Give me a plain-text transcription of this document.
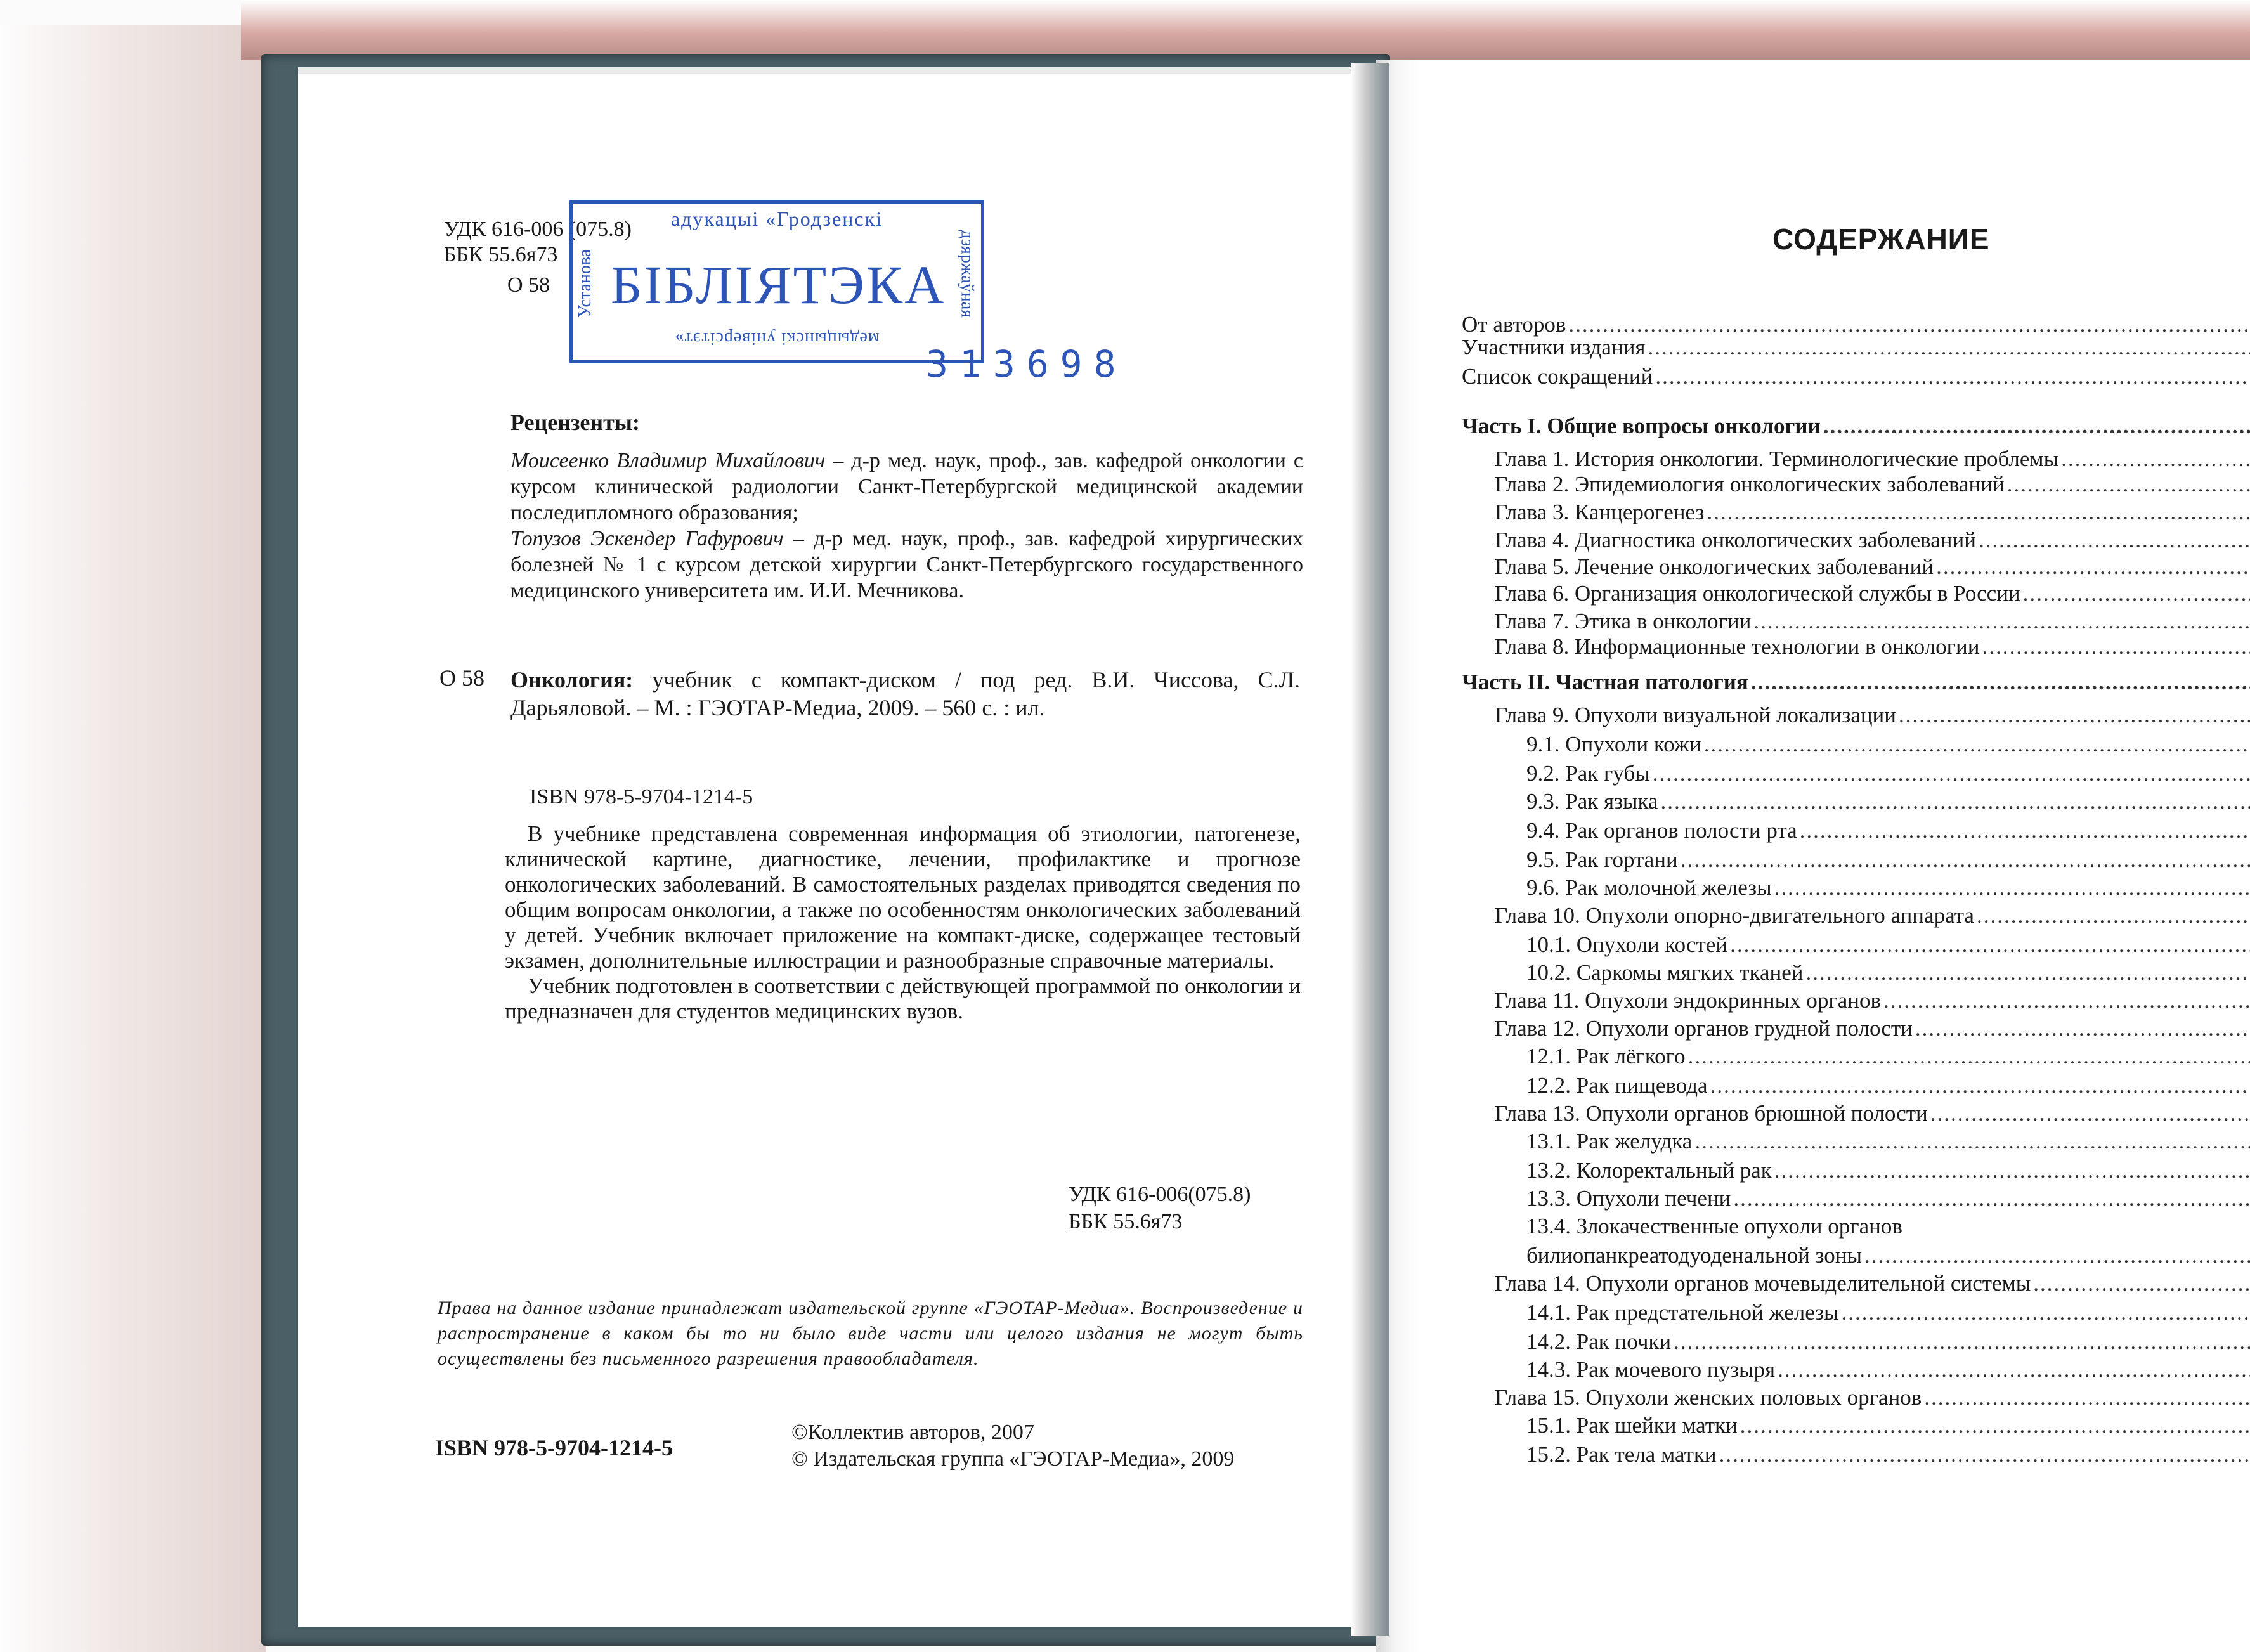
УДК 616-006 (075.8)
ББК 55.6я73
О 58
адукацыі «Гродзенскі
БІБЛІЯТЭКА
медыцынскі універсітэт»
Установа	дзяржаўная
313698
Рецензенты:

Моисеенко Владимир Михайлович – д-р мед. наук, проф., зав. кафедрой онкологии с курсом клинической радиологии Санкт-Петербургской медицинской академии последипломного образования;

Топузов Эскендер Гафурович – д-р мед. наук, проф., зав. кафедрой хирургических болезней № 1 с курсом детской хирургии Санкт-Петербургского государственного медицинского университета им. И.И. Мечникова.

О 58 Онкология: учебник с компакт-диском / под ред. В.И. Чиссова, С.Л. Дарьяловой. – М. : ГЭОТАР-Медиа, 2009. – 560 с. : ил.
ISBN 978-5-9704-1214-5

В учебнике представлена современная информация об этиологии, патогенезе, клинической картине, диагностике, лечении, профилактике и прогнозе онкологических заболеваний. В самостоятельных разделах приводятся сведения по общим вопросам онкологии, а также по особенностям онкологических заболеваний у детей. Учебник включает приложение на компакт-диске, содержащее тестовый экзамен, дополнительные иллюстрации и разнообразные справочные материалы.

Учебник подготовлен в соответствии с действующей программой по онкологии и предназначен для студентов медицинских вузов.

УДК 616-006(075.8)
ББК 55.6я73
Права на данное издание принадлежат издательской группе «ГЭОТАР-Медиа». Воспроизведение и распространение в каком бы то ни было виде части или целого издания не могут быть осуществлены без письменного разрешения правообладателя.
ISBN 978-5-9704-1214-5
©Коллектив авторов, 2007
© Издательская группа «ГЭОТАР-Медиа», 2009
СОДЕРЖАНИЕ
От авторов
.....
Участники издания
.....
Список сокращений
.....
Часть I. Общие вопросы онкологии
.....
Глава 1. История онкологии. Терминологические проблемы
.....
Глава 2. Эпидемиология онкологических заболеваний
.....
Глава 3. Канцерогенез
.....
Глава 4. Диагностика онкологических заболеваний
.....
Глава 5. Лечение онкологических заболеваний
.....
Глава 6. Организация онкологической службы в России
.....
Глава 7. Этика в онкологии
.....
Глава 8. Информационные технологии в онкологии
.....
Часть II. Частная патология
.....
Глава 9. Опухоли визуальной локализации
.....
9.1. Опухоли кожи
.....
9.2. Рак губы
.....
9.3. Рак языка
.....
9.4. Рак органов полости рта
.....
9.5. Рак гортани
.....
9.6. Рак молочной железы
.....
Глава 10. Опухоли опорно-двигательного аппарата
.....
10.1. Опухоли костей
.....
10.2. Саркомы мягких тканей
.....
Глава 11. Опухоли эндокринных органов
.....
Глава 12. Опухоли органов грудной полости
.....
12.1. Рак лёгкого
.....
12.2. Рак пищевода
.....
Глава 13. Опухоли органов брюшной полости
.....
13.1. Рак желудка
.....
13.2. Колоректальный рак
.....
13.3. Опухоли печени
.....
13.4. Злокачественные опухоли органов
билиопанкреатодуоденальной зоны
.....
Глава 14. Опухоли органов мочевыделительной системы
.....
14.1. Рак предстательной железы
.....
14.2. Рак почки
.....
14.3. Рак мочевого пузыря
.....
Глава 15. Опухоли женских половых органов
.....
15.1. Рак шейки матки
.....
15.2. Рак тела матки
.....
